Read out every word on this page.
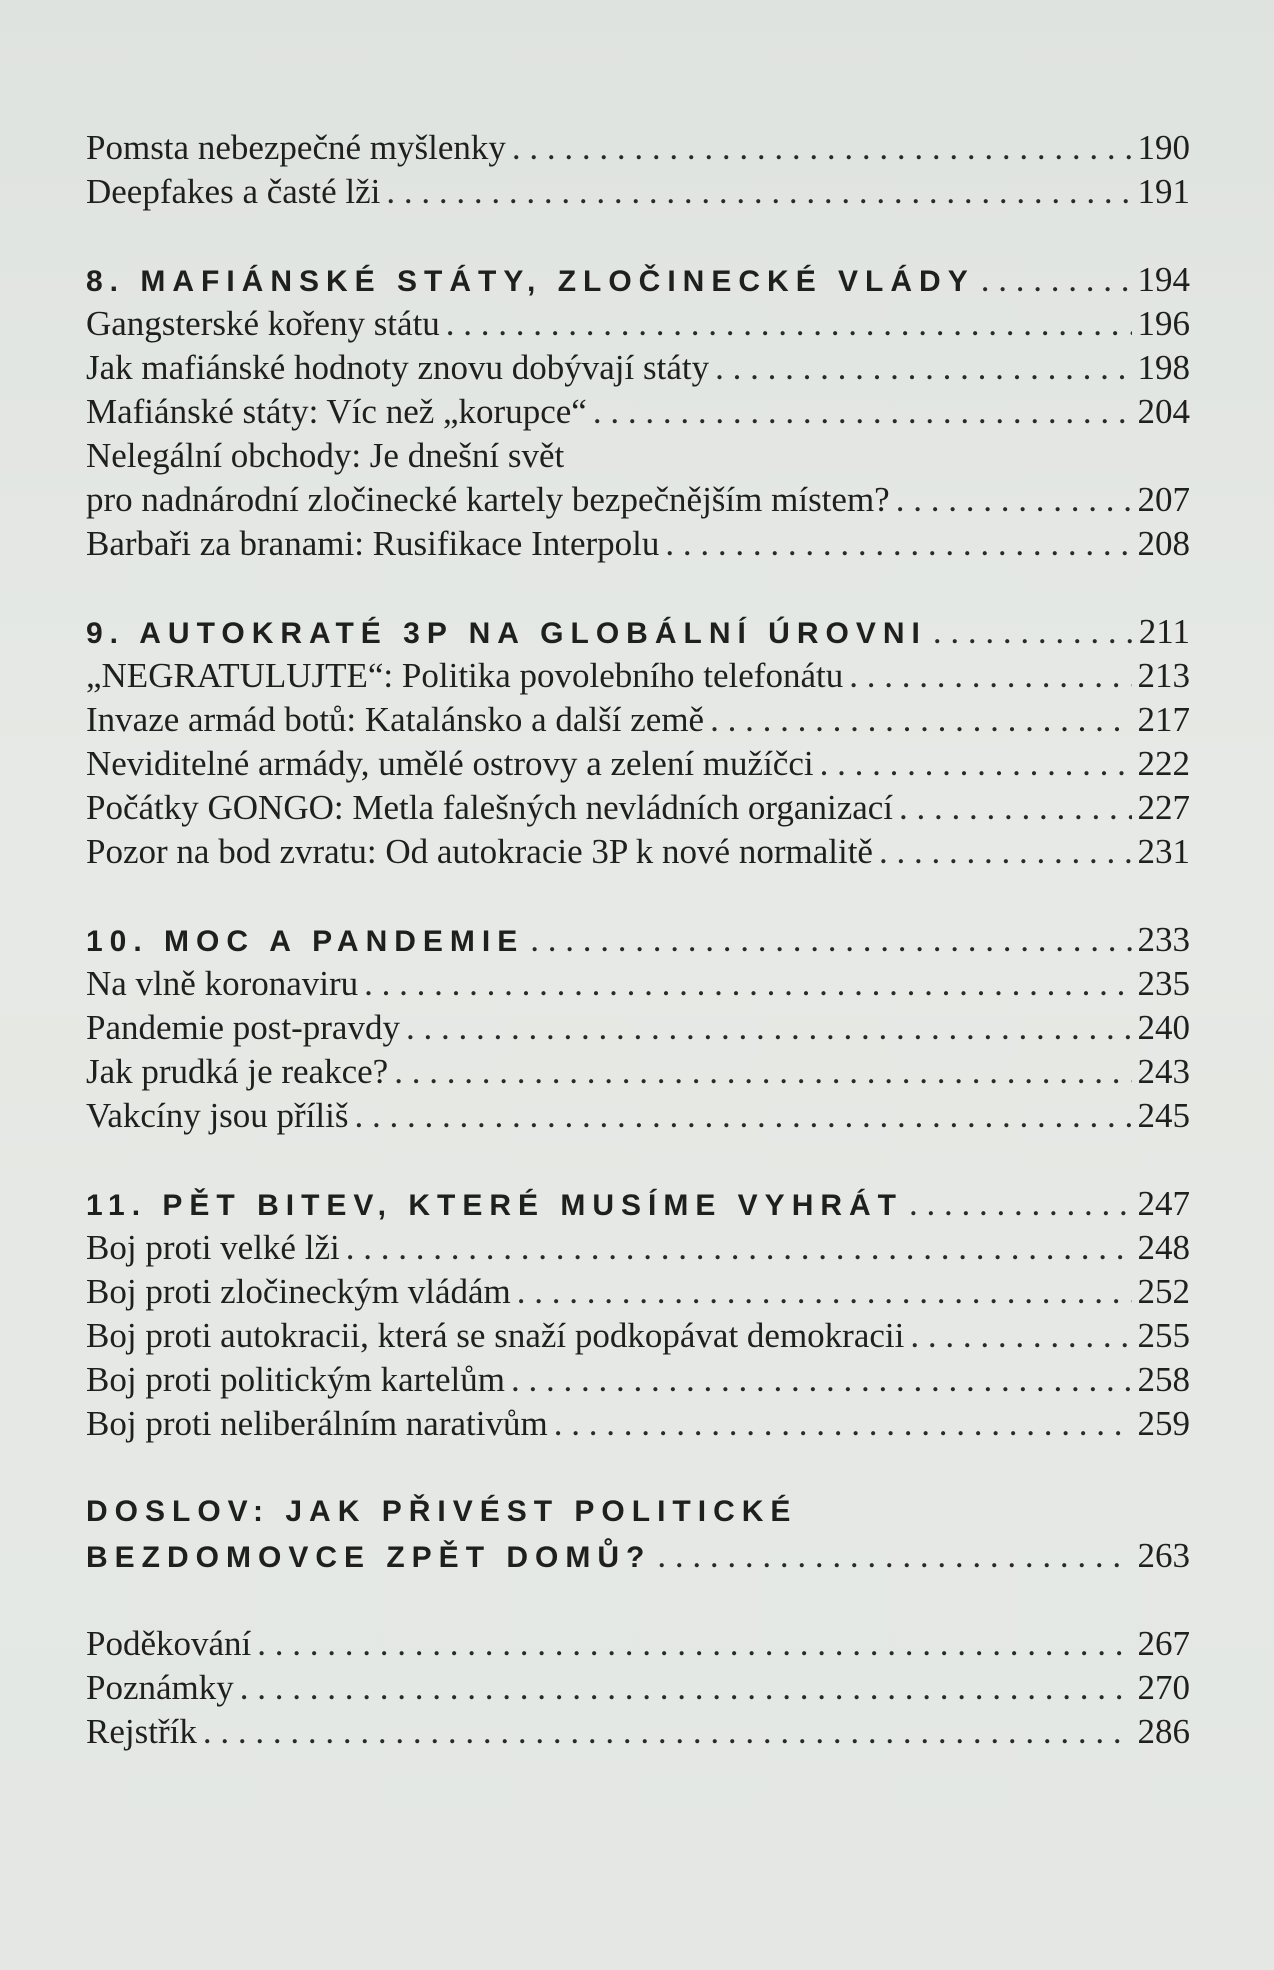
Pomsta nebezpečné myšlenky . . .	190
Deepfakes a časté lži . . .	191
8. MAFIÁNSKÉ STÁTY, ZLOČINECKÉ VLÁDY . . .	194
Gangsterské kořeny státu . . .	196
Jak mafiánské hodnoty znovu dobývají státy . . .	198
Mafiánské státy: Víc než „korupce“ . . .	204
Nelegální obchody: Je dnešní svět
pro nadnárodní zločinecké kartely bezpečnějším místem? . . .	207
Barbaři za branami: Rusifikace Interpolu . . .	208
9. AUTOKRATÉ 3P NA GLOBÁLNÍ ÚROVNI . . .	211
„NEGRATULUJTE“: Politika povolebního telefonátu . . .	213
Invaze armád botů: Katalánsko a další země . . .	217
Neviditelné armády, umělé ostrovy a zelení mužíčci . . .	222
Počátky GONGO: Metla falešných nevládních organizací . . .	227
Pozor na bod zvratu: Od autokracie 3P k nové normalitě . . .	231
10. MOC A PANDEMIE . . .	233
Na vlně koronaviru . . .	235
Pandemie post-pravdy . . .	240
Jak prudká je reakce? . . .	243
Vakcíny jsou příliš . . .	245
11. PĚT BITEV, KTERÉ MUSÍME VYHRÁT . . .	247
Boj proti velké lži . . .	248
Boj proti zločineckým vládám . . .	252
Boj proti autokracii, která se snaží podkopávat demokracii . . .	255
Boj proti politickým kartelům . . .	258
Boj proti neliberálním narativům . . .	259
DOSLOV: JAK PŘIVÉST POLITICKÉ
BEZDOMOVCE ZPĚT DOMŮ? . . .	263
Poděkování . . .	267
Poznámky . . .	270
Rejstřík . . .	286
